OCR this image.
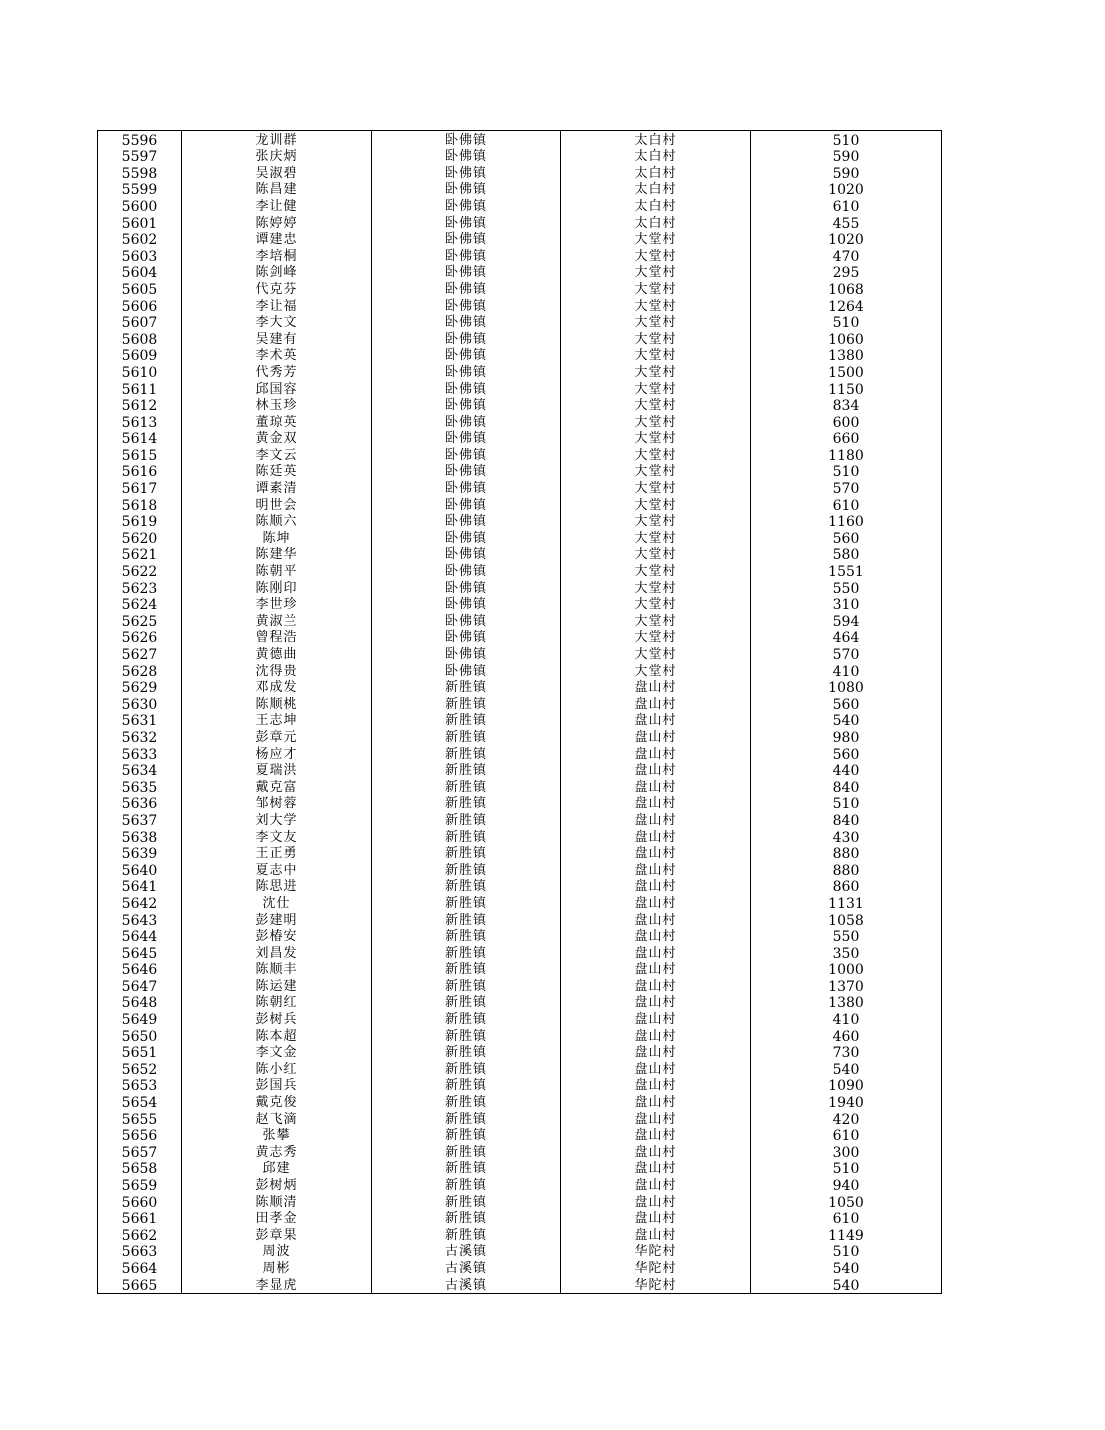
5596	龙训群	卧佛镇	太白村	510
5597	张庆炳	卧佛镇	太白村	590
5598	吴淑碧	卧佛镇	太白村	590
5599	陈昌建	卧佛镇	太白村	1020
5600	李让健	卧佛镇	太白村	610
5601	陈婷婷	卧佛镇	太白村	455
5602	谭建忠	卧佛镇	大堂村	1020
5603	李培桐	卧佛镇	大堂村	470
5604	陈剑峰	卧佛镇	大堂村	295
5605	代克芬	卧佛镇	大堂村	1068
5606	李让福	卧佛镇	大堂村	1264
5607	李大文	卧佛镇	大堂村	510
5608	吴建有	卧佛镇	大堂村	1060
5609	李术英	卧佛镇	大堂村	1380
5610	代秀芳	卧佛镇	大堂村	1500
5611	邱国容	卧佛镇	大堂村	1150
5612	林玉珍	卧佛镇	大堂村	834
5613	董琼英	卧佛镇	大堂村	600
5614	黄金双	卧佛镇	大堂村	660
5615	李文云	卧佛镇	大堂村	1180
5616	陈廷英	卧佛镇	大堂村	510
5617	谭素清	卧佛镇	大堂村	570
5618	明世会	卧佛镇	大堂村	610
5619	陈顺六	卧佛镇	大堂村	1160
5620	陈坤	卧佛镇	大堂村	560
5621	陈建华	卧佛镇	大堂村	580
5622	陈朝平	卧佛镇	大堂村	1551
5623	陈刚印	卧佛镇	大堂村	550
5624	李世珍	卧佛镇	大堂村	310
5625	黄淑兰	卧佛镇	大堂村	594
5626	曾程浩	卧佛镇	大堂村	464
5627	黄德曲	卧佛镇	大堂村	570
5628	沈得贵	卧佛镇	大堂村	410
5629	邓成发	新胜镇	盘山村	1080
5630	陈顺桃	新胜镇	盘山村	560
5631	王志坤	新胜镇	盘山村	540
5632	彭章元	新胜镇	盘山村	980
5633	杨应才	新胜镇	盘山村	560
5634	夏瑞洪	新胜镇	盘山村	440
5635	戴克富	新胜镇	盘山村	840
5636	邹树蓉	新胜镇	盘山村	510
5637	刘大学	新胜镇	盘山村	840
5638	李文友	新胜镇	盘山村	430
5639	王正勇	新胜镇	盘山村	880
5640	夏志中	新胜镇	盘山村	880
5641	陈思进	新胜镇	盘山村	860
5642	沈仕	新胜镇	盘山村	1131
5643	彭建明	新胜镇	盘山村	1058
5644	彭椿安	新胜镇	盘山村	550
5645	刘昌发	新胜镇	盘山村	350
5646	陈顺丰	新胜镇	盘山村	1000
5647	陈运建	新胜镇	盘山村	1370
5648	陈朝红	新胜镇	盘山村	1380
5649	彭树兵	新胜镇	盘山村	410
5650	陈本超	新胜镇	盘山村	460
5651	李文金	新胜镇	盘山村	730
5652	陈小红	新胜镇	盘山村	540
5653	彭国兵	新胜镇	盘山村	1090
5654	戴克俊	新胜镇	盘山村	1940
5655	赵飞滴	新胜镇	盘山村	420
5656	张攀	新胜镇	盘山村	610
5657	黄志秀	新胜镇	盘山村	300
5658	邱建	新胜镇	盘山村	510
5659	彭树炳	新胜镇	盘山村	940
5660	陈顺清	新胜镇	盘山村	1050
5661	田孝金	新胜镇	盘山村	610
5662	彭章果	新胜镇	盘山村	1149
5663	周波	古溪镇	华陀村	510
5664	周彬	古溪镇	华陀村	540
5665	李显虎	古溪镇	华陀村	540
